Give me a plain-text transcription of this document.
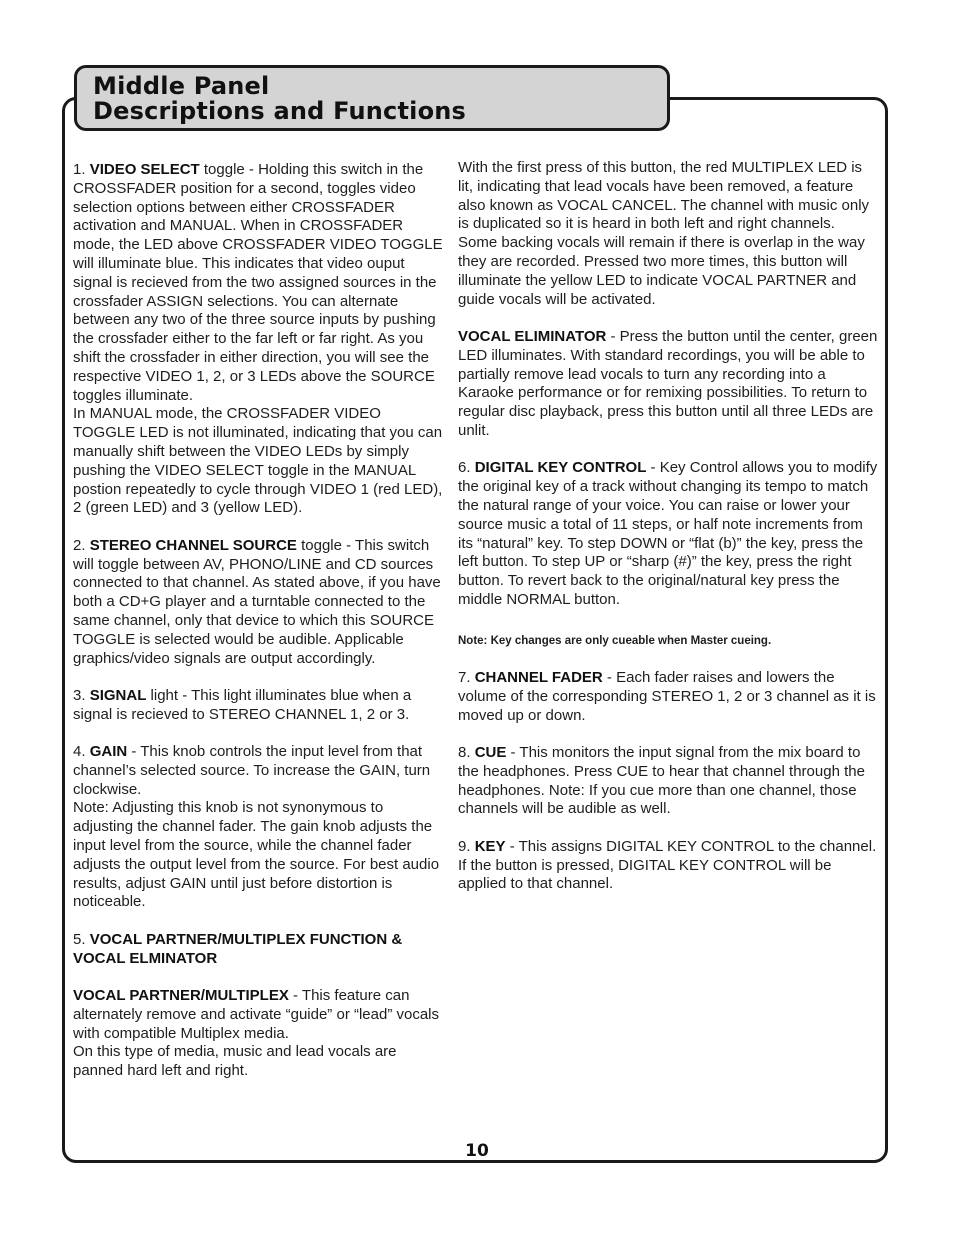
Middle Panel
Descriptions and Functions

1. VIDEO SELECT toggle - Holding this switch in the CROSSFADER position for a second, toggles video selection options between either CROSSFADER activation and MANUAL. When in CROSSFADER mode, the LED above CROSSFADER VIDEO TOGGLE will illuminate blue. This indicates that video ouput signal is recieved from the two assigned sources in the crossfader ASSIGN selections. You can alternate between any two of the three source inputs by pushing the crossfader either to the far left or far right. As you shift the crossfader in either direction, you will see the respective VIDEO 1, 2, or 3 LEDs above the SOURCE toggles illuminate.

In MANUAL mode, the CROSSFADER VIDEO TOGGLE LED is not illuminated, indicating that you can manually shift between the VIDEO LEDs by simply pushing the VIDEO SELECT toggle in the MANUAL postion repeatedly to cycle through VIDEO 1 (red LED), 2 (green LED) and 3 (yellow LED).

2. STEREO CHANNEL SOURCE toggle - This switch will toggle between AV, PHONO/LINE and CD sources connected to that channel. As stated above, if you have both a CD+G player and a turntable connected to the same channel, only that device to which this SOURCE TOGGLE is selected would be audible. Applicable graphics/video signals are output accordingly.

3. SIGNAL light - This light illuminates blue when a signal is recieved to STEREO CHANNEL 1, 2 or 3.

4. GAIN - This knob controls the input level from that channel’s selected source. To increase the GAIN, turn clockwise.

Note: Adjusting this knob is not synonymous to adjusting the channel fader. The gain knob adjusts the input level from the source, while the channel fader adjusts the output level from the source. For best audio results, adjust GAIN until just before distortion is noticeable.

5. VOCAL PARTNER/MULTIPLEX FUNCTION & VOCAL ELMINATOR

VOCAL PARTNER/MULTIPLEX - This feature can alternately remove and activate “guide” or “lead” vocals with compatible Multiplex media.

On this type of media, music and lead vocals are panned hard left and right.

With the first press of this button, the red MULTIPLEX LED is lit, indicating that lead vocals have been removed, a feature also known as VOCAL CANCEL. The channel with music only is duplicated so it is heard in both left and right channels. Some backing vocals will remain if there is overlap in the way they are recorded. Pressed two more times, this button will illuminate the yellow LED to indicate VOCAL PARTNER and guide vocals will be activated.

VOCAL ELIMINATOR - Press the button until the center, green LED illuminates. With standard recordings, you will be able to partially remove lead vocals to turn any recording into a Karaoke performance or for remixing possibilities. To return to regular disc playback, press this button until all three LEDs are unlit.

6. DIGITAL KEY CONTROL - Key Control allows you to modify the original key of a track without changing its tempo to match the natural range of your voice. You can raise or lower your source music a total of 11 steps, or half note increments from its “natural” key. To step DOWN or “flat (b)” the key, press the left button. To step UP or “sharp (#)” the key, press the right button. To revert back to the original/natural key press the middle NORMAL button.

Note: Key changes are only cueable when Master cueing.

7. CHANNEL FADER - Each fader raises and lowers the volume of the corresponding STEREO 1, 2 or 3 channel as it is moved up or down.

8. CUE - This monitors the input signal from the mix board to the headphones. Press CUE to hear that channel through the headphones. Note: If you cue more than one channel, those channels will be audible as well.

9. KEY - This assigns DIGITAL KEY CONTROL to the channel. If the button is pressed, DIGITAL KEY CONTROL will be applied to that channel.

10
